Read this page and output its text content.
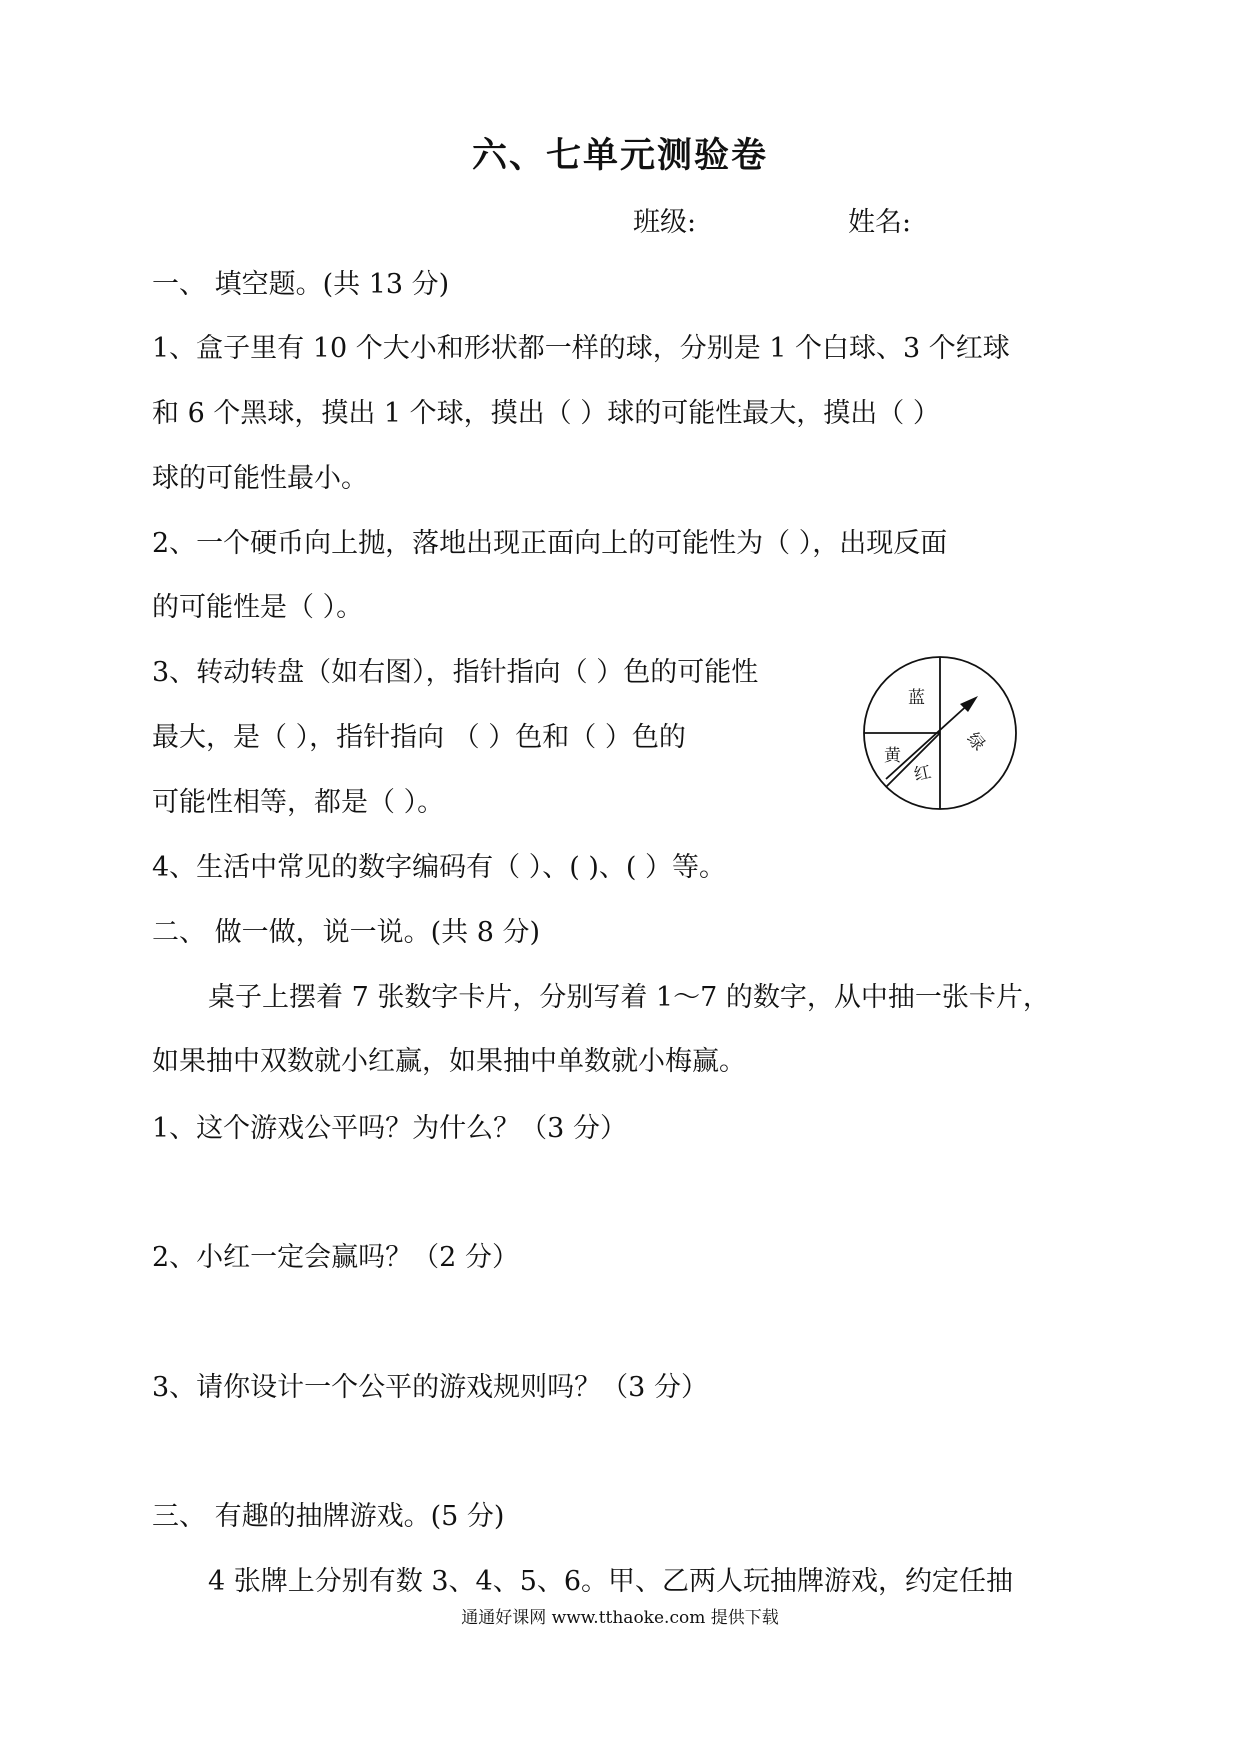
六、七单元测验卷
班级:	姓名:
一、 填空题。(共 13 分)
1、盒子里有 10 个大小和形状都一样的球，分别是 1 个白球、3 个红球
和 6 个黑球，摸出 1 个球，摸出（ ）球的可能性最大，摸出（ ）
球的可能性最小。
2、一个硬币向上抛，落地出现正面向上的可能性为（ ），出现反面
的可能性是（ ）。
3、转动转盘（如右图），指针指向（ ）色的可能性
最大，是（ ），指针指向 （ ）色和（ ）色的
可能性相等，都是（ ）。
蓝
绿
黄
红
4、生活中常见的数字编码有（ ）、( )、( ）等。
二、 做一做，说一说。(共 8 分)
桌子上摆着 7 张数字卡片，分别写着 1～7 的数字，从中抽一张卡片，如果抽中双数就小红赢，如果抽中单数就小梅赢。
1、这个游戏公平吗？为什么？（3 分）
2、小红一定会赢吗？（2 分）
3、请你设计一个公平的游戏规则吗？（3 分）
三、 有趣的抽牌游戏。(5 分)
4 张牌上分别有数 3、4、5、6。甲、乙两人玩抽牌游戏，约定任抽
通通好课网 www.tthaoke.com 提供下载
